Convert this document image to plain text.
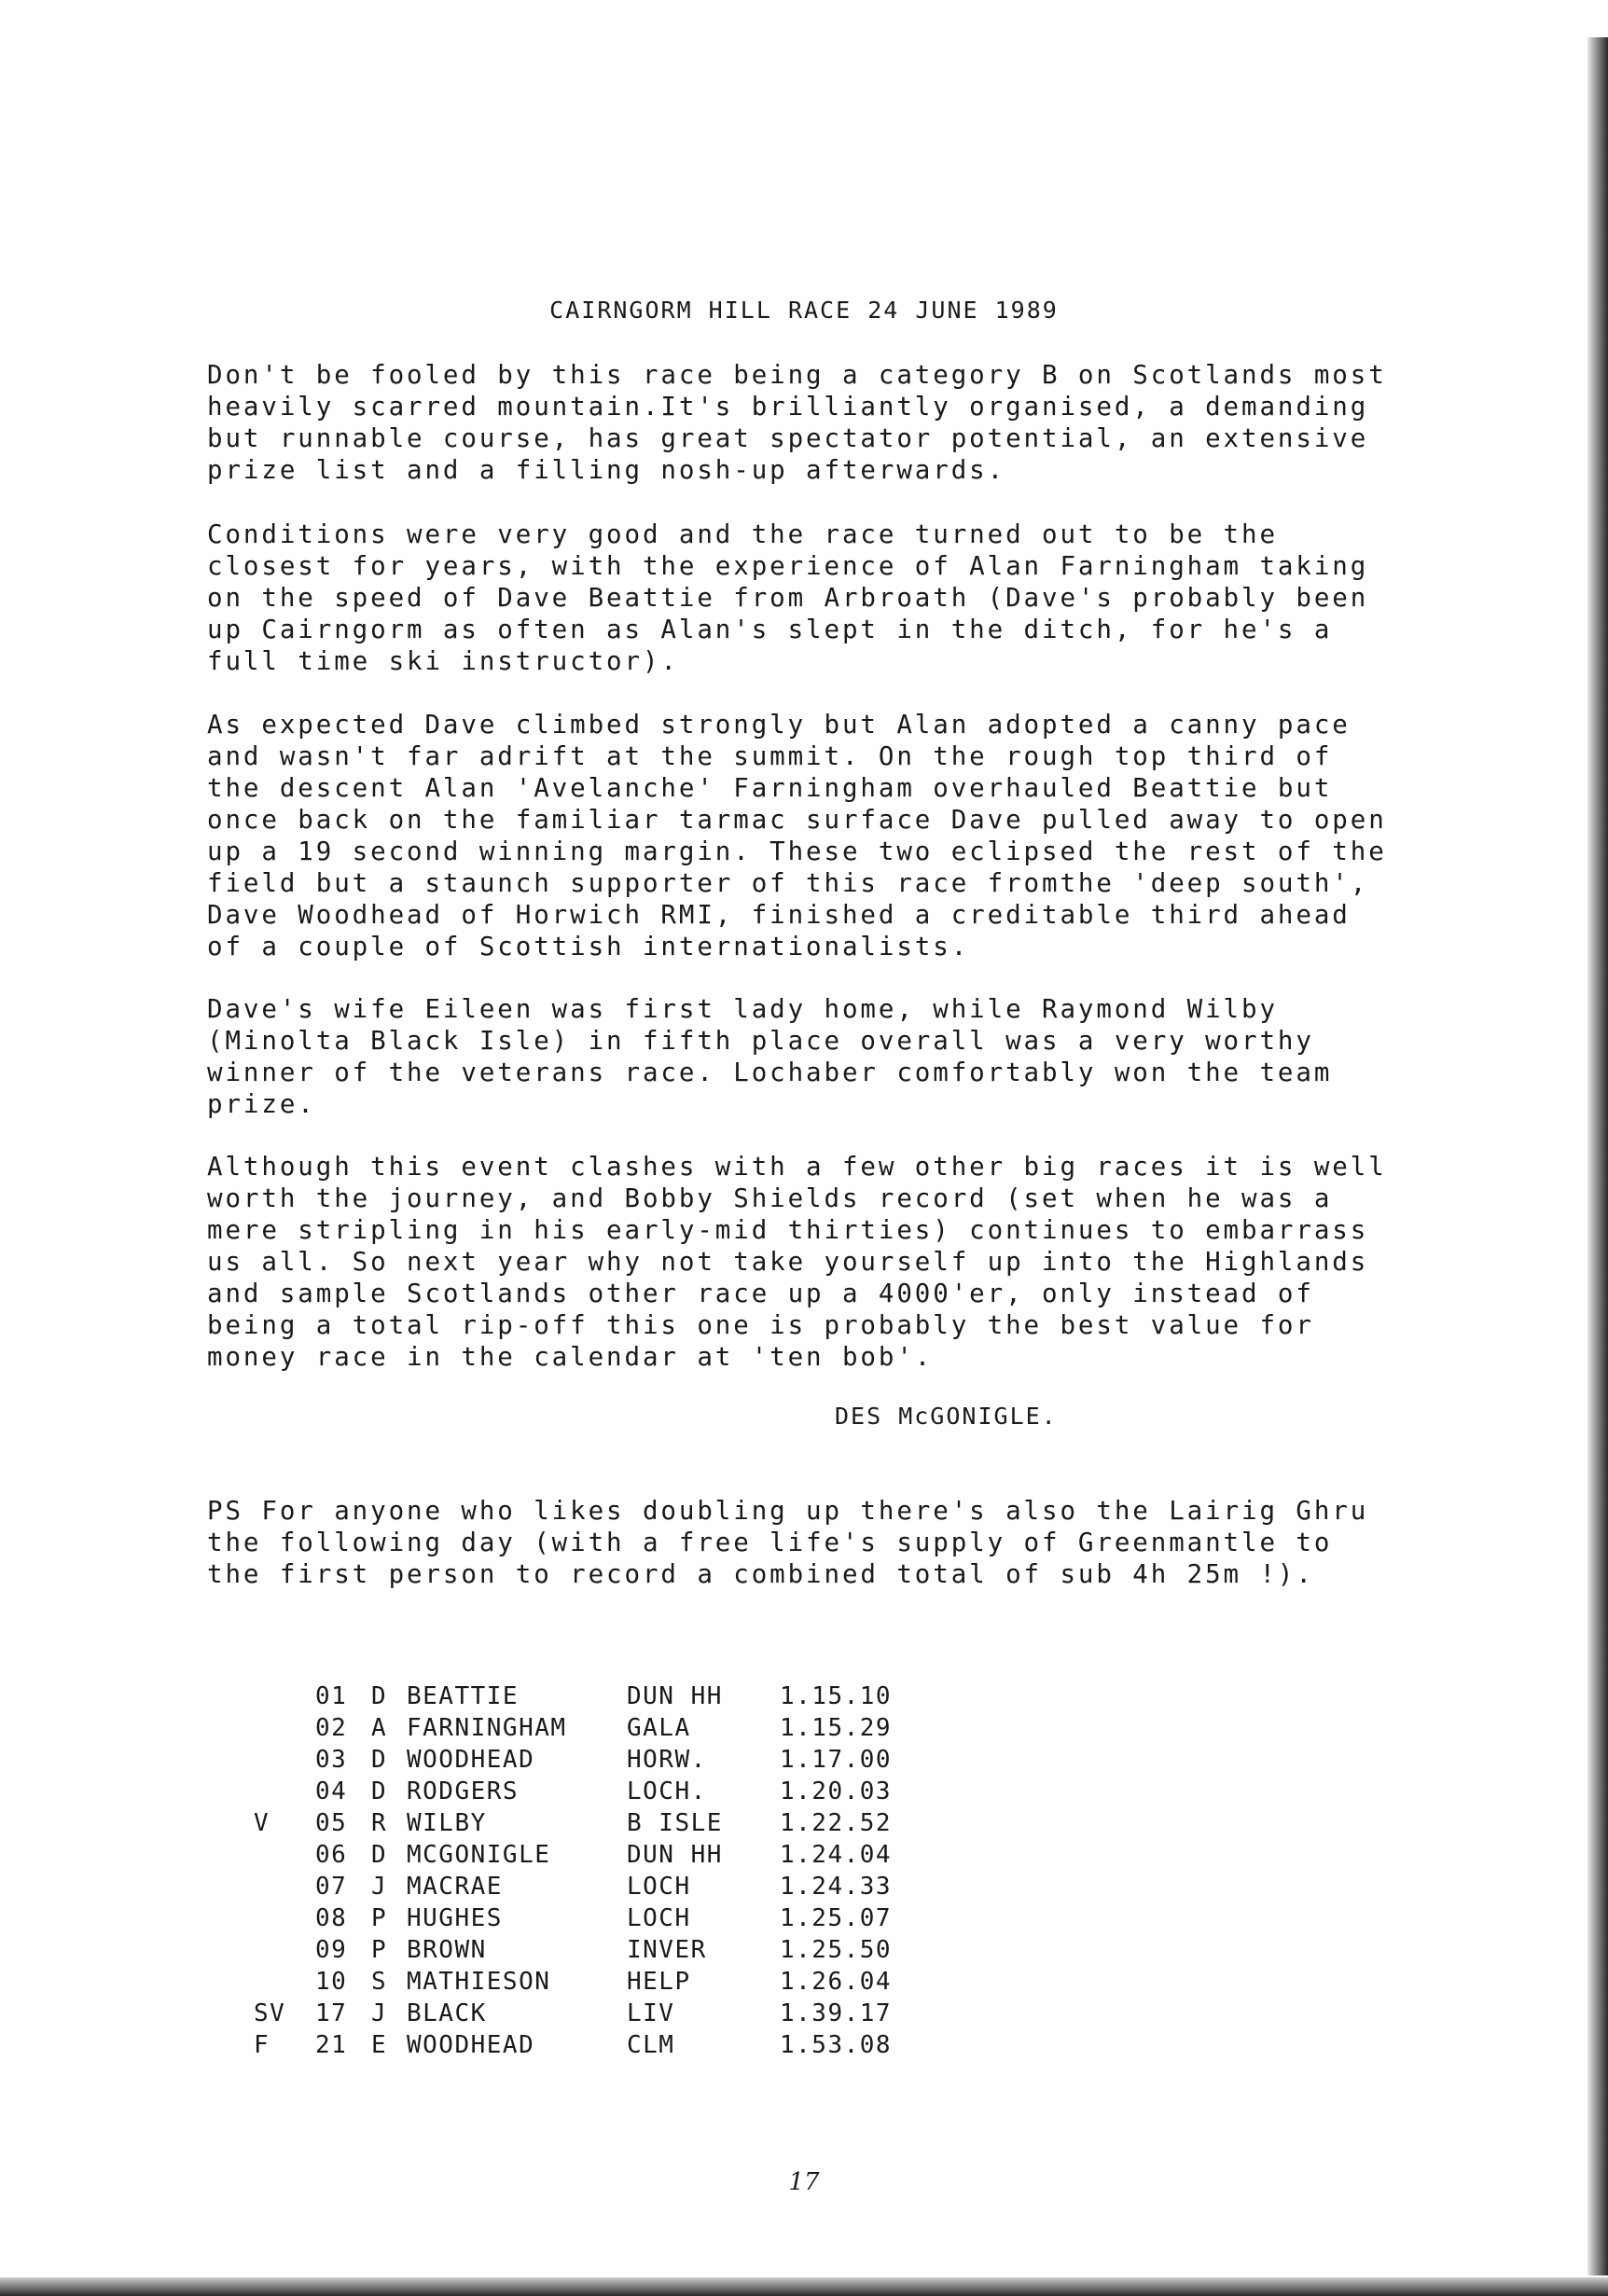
CAIRNGORM HILL RACE 24 JUNE 1989
Don't be fooled by this race being a category B on Scotlands most
heavily scarred mountain.It's brilliantly organised, a demanding
but runnable course, has great spectator potential, an extensive
prize list and a filling nosh-up afterwards.
Conditions were very good and the race turned out to be the
closest for years, with the experience of Alan Farningham taking
on the speed of Dave Beattie from Arbroath (Dave's probably been
up Cairngorm as often as Alan's slept in the ditch, for he's a
full time ski instructor).
As expected Dave climbed strongly but Alan adopted a canny pace
and wasn't far adrift at the summit. On the rough top third of
the descent Alan 'Avelanche' Farningham overhauled Beattie but
once back on the familiar tarmac surface Dave pulled away to open
up a 19 second winning margin. These two eclipsed the rest of the
field but a staunch supporter of this race fromthe 'deep south',
Dave Woodhead of Horwich RMI, finished a creditable third ahead
of a couple of Scottish internationalists.
Dave's wife Eileen was first lady home, while Raymond Wilby
(Minolta Black Isle) in fifth place overall was a very worthy
winner of the veterans race. Lochaber comfortably won the team
prize.
Although this event clashes with a few other big races it is well
worth the journey, and Bobby Shields record (set when he was a
mere stripling in his early-mid thirties) continues to embarrass
us all. So next year why not take yourself up into the Highlands
and sample Scotlands other race up a 4000'er, only instead of
being a total rip-off this one is probably the best value for
money race in the calendar at 'ten bob'.
DES McGONIGLE.
PS For anyone who likes doubling up there's also the Lairig Ghru
the following day (with a free life's supply of Greenmantle to
the first person to record a combined total of sub 4h 25m !).
	01	D	BEATTIE	DUN HH	1.15.10
	02	A	FARNINGHAM	GALA	1.15.29
	03	D	WOODHEAD	HORW.	1.17.00
	04	D	RODGERS	LOCH.	1.20.03
V	05	R	WILBY	B ISLE	1.22.52
	06	D	MCGONIGLE	DUN HH	1.24.04
	07	J	MACRAE	LOCH	1.24.33
	08	P	HUGHES	LOCH	1.25.07
	09	P	BROWN	INVER	1.25.50
	10	S	MATHIESON	HELP	1.26.04
SV	17	J	BLACK	LIV	1.39.17
F	21	E	WOODHEAD	CLM	1.53.08
17
